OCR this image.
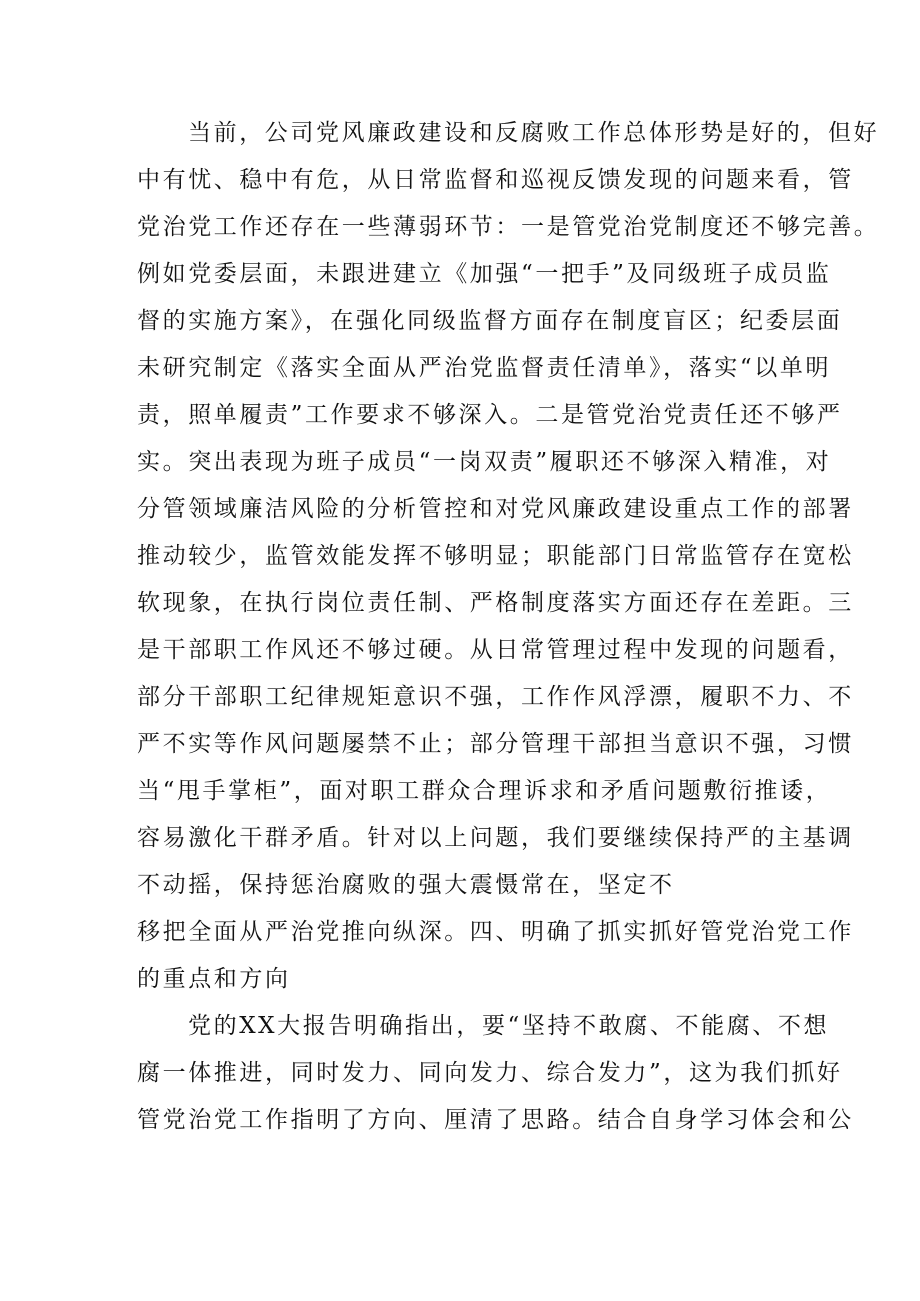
当前，公司党风廉政建设和反腐败工作总体形势是好的，但好
中有忧、稳中有危，从日常监督和巡视反馈发现的问题来看，管
党治党工作还存在一些薄弱环节：一是管党治党制度还不够完善。
例如党委层面，未跟进建立《加强“一把手”及同级班子成员监
督的实施方案》，在强化同级监督方面存在制度盲区；纪委层面
未研究制定《落实全面从严治党监督责任清单》，落实“以单明
责，照单履责”工作要求不够深入。二是管党治党责任还不够严
实。突出表现为班子成员“一岗双责”履职还不够深入精准，对
分管领域廉洁风险的分析管控和对党风廉政建设重点工作的部署
推动较少，监管效能发挥不够明显；职能部门日常监管存在宽松
软现象，在执行岗位责任制、严格制度落实方面还存在差距。三
是干部职工作风还不够过硬。从日常管理过程中发现的问题看，
部分干部职工纪律规矩意识不强，工作作风浮漂，履职不力、不
严不实等作风问题屡禁不止；部分管理干部担当意识不强，习惯
当“甩手掌柜”，面对职工群众合理诉求和矛盾问题敷衍推诿，
容易激化干群矛盾。针对以上问题，我们要继续保持严的主基调
不动摇，保持惩治腐败的强大震慑常在，坚定不
移把全面从严治党推向纵深。四、明确了抓实抓好管党治党工作
的重点和方向
党的XX大报告明确指出，要“坚持不敢腐、不能腐、不想
腐一体推进，同时发力、同向发力、综合发力”，这为我们抓好
管党治党工作指明了方向、厘清了思路。结合自身学习体会和公
